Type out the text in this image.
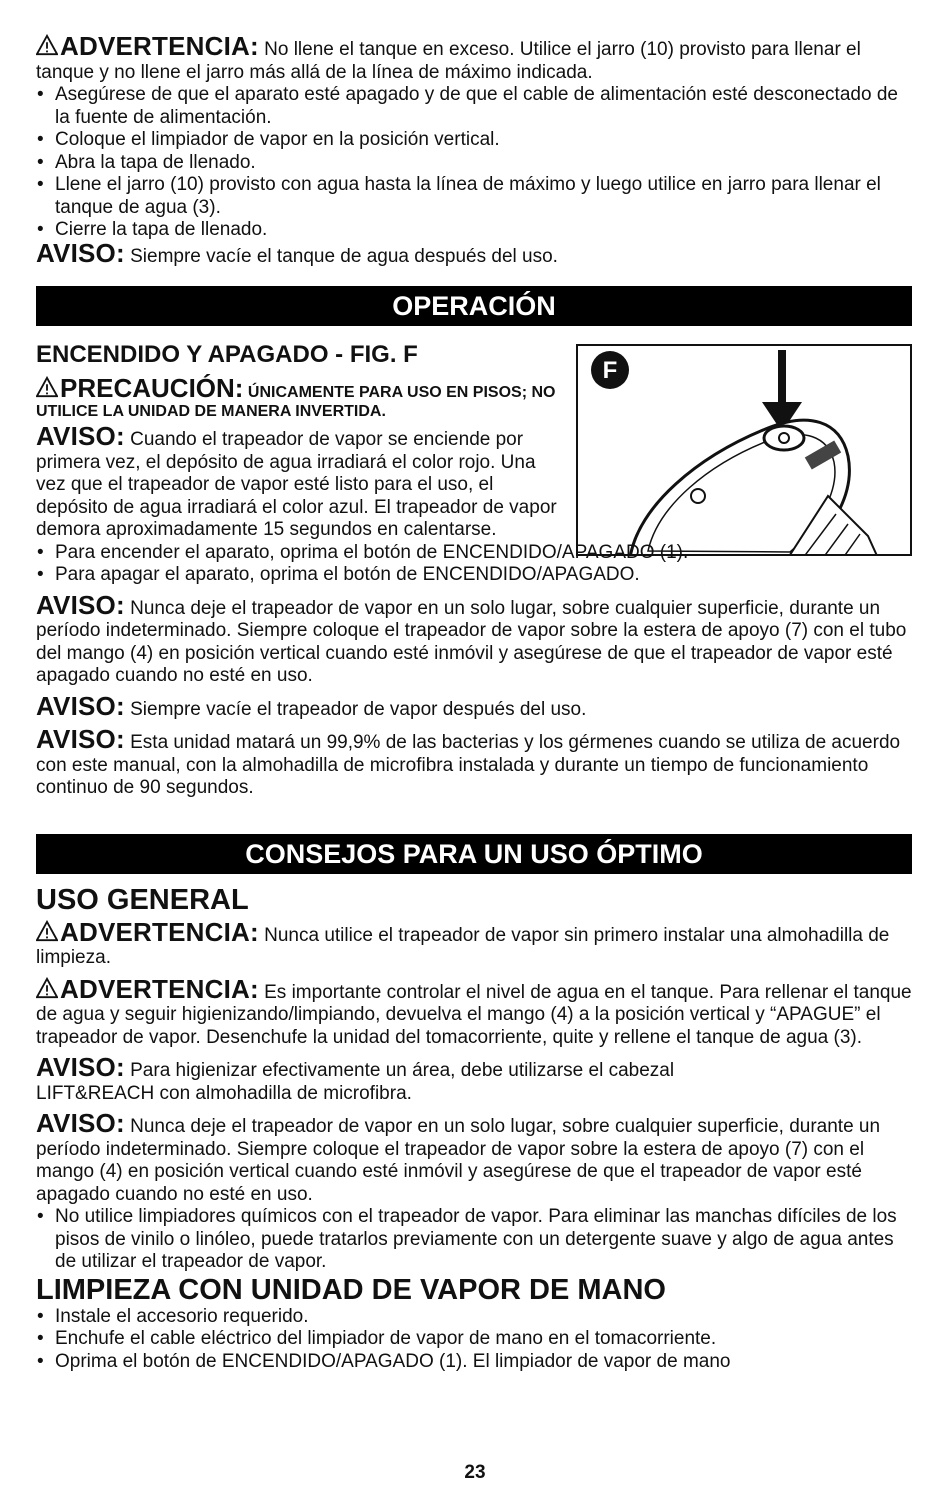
ADVERTENCIA: No llene el tanque en exceso. Utilice el jarro (10) provisto para llenar el tanque y no llene el jarro más allá de la línea de máximo indicada.

• Asegúrese de que el aparato esté apagado y de que el cable de alimentación esté desconectado de la fuente de alimentación.
• Coloque el limpiador de vapor en la posición vertical.
• Abra la tapa de llenado.
• Llene el jarro (10) provisto con agua hasta la línea de máximo y luego utilice en jarro para llenar el tanque de agua (3).
• Cierre la tapa de llenado.

AVISO: Siempre vacíe el tanque de agua después del uso.

OPERACIÓN

ENCENDIDO Y APAGADO - FIG. F

PRECAUCIÓN: ÚNICAMENTE PARA USO EN PISOS; NO UTILICE LA UNIDAD DE MANERA INVERTIDA.

AVISO: Cuando el trapeador de vapor se enciende por primera vez, el depósito de agua irradiará el color rojo. Una vez que el trapeador de vapor esté listo para el uso, el depósito de agua irradiará el color azul. El trapeador de vapor demora aproximadamente 15 segundos en calentarse.

F
• Para encender el aparato, oprima el botón de ENCENDIDO/APAGADO (1).
• Para apagar el aparato, oprima el botón de ENCENDIDO/APAGADO.

AVISO: Nunca deje el trapeador de vapor en un solo lugar, sobre cualquier superficie, durante un período indeterminado. Siempre coloque el trapeador de vapor sobre la estera de apoyo (7) con el tubo del mango (4) en posición vertical cuando esté inmóvil y asegúrese de que el trapeador de vapor esté apagado cuando no esté en uso.

AVISO: Siempre vacíe el trapeador de vapor después del uso.

AVISO: Esta unidad matará un 99,9% de las bacterias y los gérmenes cuando se utiliza de acuerdo con este manual, con la almohadilla de microfibra instalada y durante un tiempo de funcionamiento continuo de 90 segundos.

CONSEJOS PARA UN USO ÓPTIMO

USO GENERAL

ADVERTENCIA: Nunca utilice el trapeador de vapor sin primero instalar una almohadilla de limpieza.

ADVERTENCIA: Es importante controlar el nivel de agua en el tanque. Para rellenar el tanque de agua y seguir higienizando/limpiando, devuelva el mango (4) a la posición vertical y “APAGUE” el trapeador de vapor. Desenchufe la unidad del tomacorriente, quite y rellene el tanque de agua (3).

AVISO: Para higienizar efectivamente un área, debe utilizarse el cabezal LIFT&REACH con almohadilla de microfibra.

AVISO: Nunca deje el trapeador de vapor en un solo lugar, sobre cualquier superficie, durante un período indeterminado. Siempre coloque el trapeador de vapor sobre la estera de apoyo (7) con el mango (4) en posición vertical cuando esté inmóvil y asegúrese de que el trapeador de vapor esté apagado cuando no esté en uso.

• No utilice limpiadores químicos con el trapeador de vapor. Para eliminar las manchas difíciles de los pisos de vinilo o linóleo, puede tratarlos previamente con un detergente suave y algo de agua antes de utilizar el trapeador de vapor.

LIMPIEZA CON UNIDAD DE VAPOR DE MANO

• Instale el accesorio requerido.
• Enchufe el cable eléctrico del limpiador de vapor de mano en el tomacorriente.
• Oprima el botón de ENCENDIDO/APAGADO (1). El limpiador de vapor de mano
23
